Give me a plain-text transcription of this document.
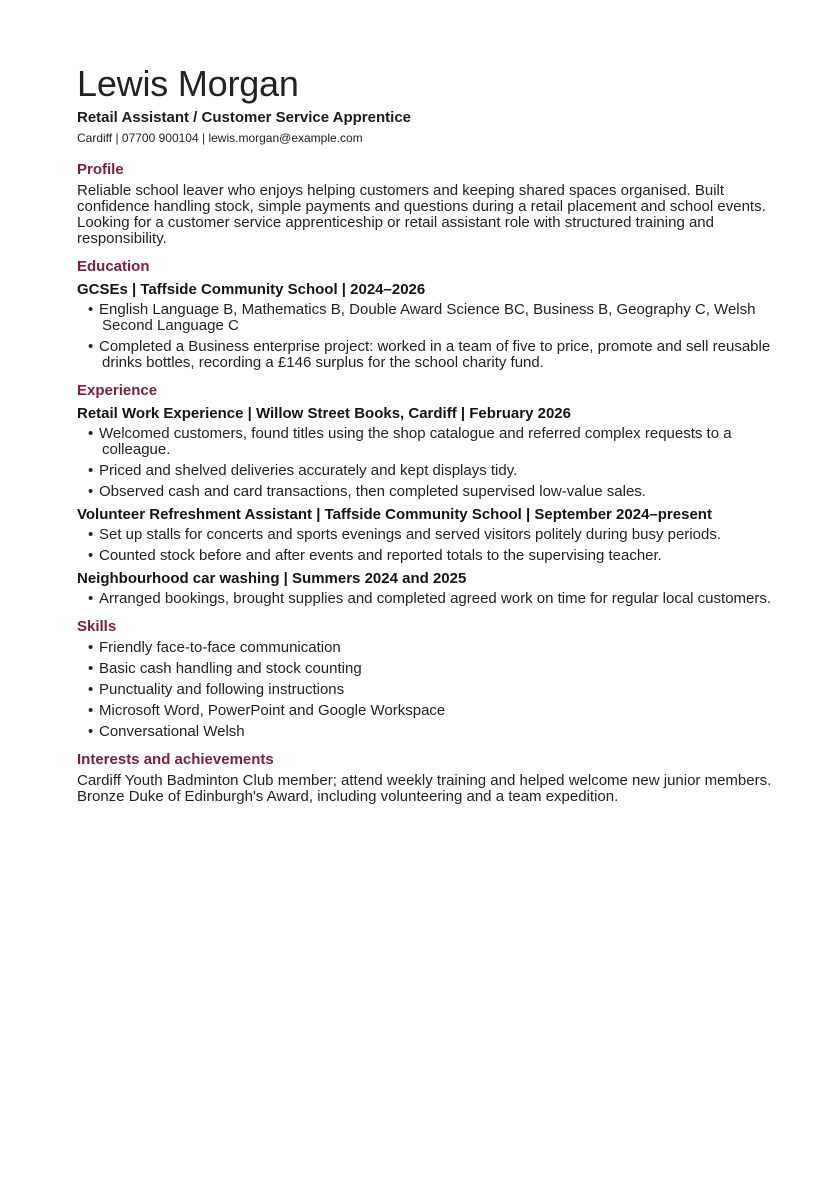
Lewis Morgan

Retail Assistant / Customer Service Apprentice

Cardiff | 07700 900104 | lewis.morgan@example.com

Profile

Reliable school leaver who enjoys helping customers and keeping shared spaces organised. Built confidence handling stock, simple payments and questions during a retail placement and school events. Looking for a customer service apprenticeship or retail assistant role with structured training and responsibility.

Education
GCSEs | Taffside Community School | 2024–2026
• English Language B, Mathematics B, Double Award Science BC, Business B, Geography C, Welsh Second Language C
• Completed a Business enterprise project: worked in a team of five to price, promote and sell reusable drinks bottles, recording a £146 surplus for the school charity fund.
Experience
Retail Work Experience | Willow Street Books, Cardiff | February 2026
• Welcomed customers, found titles using the shop catalogue and referred complex requests to a colleague.
• Priced and shelved deliveries accurately and kept displays tidy.
• Observed cash and card transactions, then completed supervised low-value sales.
Volunteer Refreshment Assistant | Taffside Community School | September 2024–present
• Set up stalls for concerts and sports evenings and served visitors politely during busy periods.
• Counted stock before and after events and reported totals to the supervising teacher.
Neighbourhood car washing | Summers 2024 and 2025
• Arranged bookings, brought supplies and completed agreed work on time for regular local customers.
Skills
• Friendly face-to-face communication
• Basic cash handling and stock counting
• Punctuality and following instructions
• Microsoft Word, PowerPoint and Google Workspace
• Conversational Welsh
Interests and achievements

Cardiff Youth Badminton Club member; attend weekly training and helped welcome new junior members. Bronze Duke of Edinburgh's Award, including volunteering and a team expedition.
